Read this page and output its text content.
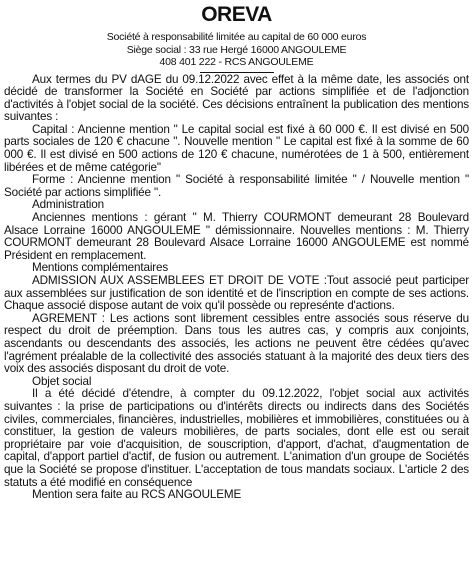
OREVA
Société à responsabilité limitée au capital de 60 000 euros
Siège social : 33 rue Hergé 16000 ANGOULEME
408 401 222 - RCS ANGOULEME

Aux termes du PV dAGE du 09.12.2022 avec effet à la même date, les associés ont décidé de transformer la Société en Société par actions simplifiée et de l'adjonction d'activités à l'objet social de la société. Ces décisions entraînent la publication des mentions suivantes :

Capital : Ancienne mention " Le capital social est fixé à 60 000 €. Il est divisé en 500 parts sociales de 120 € chacune ". Nouvelle mention " Le capital est fixé à la somme de 60 000 €. Il est divisé en 500 actions de 120 € chacune, numérotées de 1 à 500, entièrement libérées et de même catégorie"

Forme : Ancienne mention " Société à responsabilité limitée " / Nouvelle mention " Société par actions simplifiée ".

Administration

Anciennes mentions : gérant " M. Thierry COURMONT demeurant 28 Boulevard Alsace Lorraine 16000 ANGOULEME " démissionnaire. Nouvelles mentions : M. Thierry COURMONT demeurant 28 Boulevard Alsace Lorraine 16000 ANGOULEME est nommé Président en remplacement.

Mentions complémentaires

ADMISSION AUX ASSEMBLEES ET DROIT DE VOTE :Tout associé peut participer aux assemblées sur justification de son identité et de l'inscription en compte de ses actions. Chaque associé dispose autant de voix qu'il possède ou represénte d'actions.

AGREMENT : Les actions sont librement cessibles entre associés sous réserve du respect du droit de préemption. Dans tous les autres cas, y compris aux conjoints, ascendants ou descendants des associés, les actions ne peuvent être cédées qu'avec l'agrément préalable de la collectivité des associés statuant à la majorité des deux tiers des voix des associés disposant du droit de vote.

Objet social

Il a été décidé d'étendre, à compter du 09.12.2022, l'objet social aux activités suivantes : la prise de participations ou d'intérêts directs ou indirects dans des Sociétés civiles, commerciales, financières, industrielles, mobilières et immobilières, constituées ou à constituer, la gestion de valeurs mobilières, de parts sociales, dont elle est ou serait propriétaire par voie d'acquisition, de souscription, d'apport, d'achat, d'augmentation de capital, d'apport partiel d'actif, de fusion ou autrement. L'animation d'un groupe de Sociétés que la Société se propose d'instituer. L'acceptation de tous mandats sociaux. L'article 2 des statuts a été modifié en conséquence

Mention sera faite au RCS ANGOULEME
